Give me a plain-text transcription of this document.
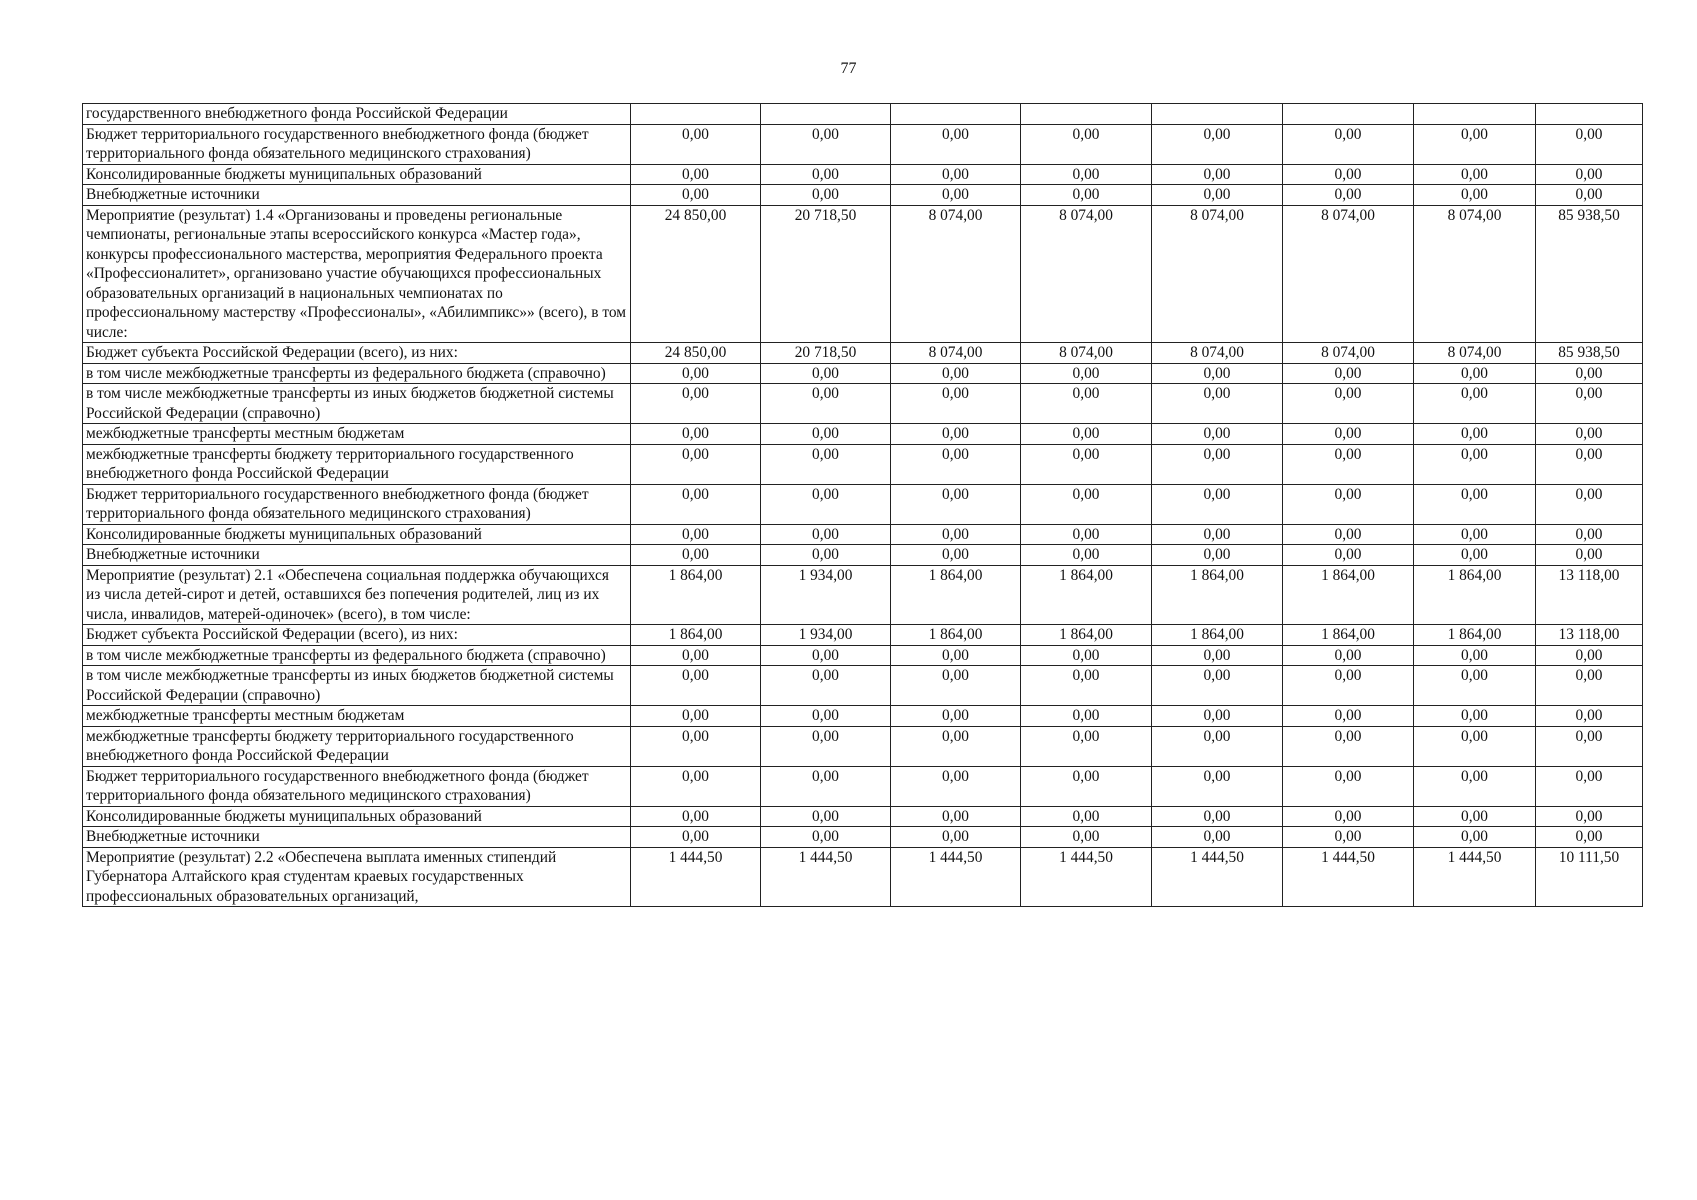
77
государственного внебюджетного фонда Российской Федерации								
Бюджет территориального государственного внебюджетного фонда (бюджет территориального фонда обязательного медицинского страхования)	0,00	0,00	0,00	0,00	0,00	0,00	0,00	0,00
Консолидированные бюджеты муниципальных образований	0,00	0,00	0,00	0,00	0,00	0,00	0,00	0,00
Внебюджетные источники	0,00	0,00	0,00	0,00	0,00	0,00	0,00	0,00
Мероприятие (результат) 1.4 «Организованы и проведены региональные чемпионаты, региональные этапы всероссийского конкурса «Мастер года», конкурсы профессионального мастерства, мероприятия Федерального проекта «Профессионалитет», организовано участие обучающихся профессиональных образовательных организаций в национальных чемпионатах по профессиональному мастерству «Профессионалы», «Абилимпикс»» (всего), в том числе:	24 850,00	20 718,50	8 074,00	8 074,00	8 074,00	8 074,00	8 074,00	85 938,50
Бюджет субъекта Российской Федерации (всего), из них:	24 850,00	20 718,50	8 074,00	8 074,00	8 074,00	8 074,00	8 074,00	85 938,50
в том числе межбюджетные трансферты из федерального бюджета (справочно)	0,00	0,00	0,00	0,00	0,00	0,00	0,00	0,00
в том числе межбюджетные трансферты из иных бюджетов бюджетной системы Российской Федерации (справочно)	0,00	0,00	0,00	0,00	0,00	0,00	0,00	0,00
межбюджетные трансферты местным бюджетам	0,00	0,00	0,00	0,00	0,00	0,00	0,00	0,00
межбюджетные трансферты бюджету территориального государственного внебюджетного фонда Российской Федерации	0,00	0,00	0,00	0,00	0,00	0,00	0,00	0,00
Бюджет территориального государственного внебюджетного фонда (бюджет территориального фонда обязательного медицинского страхования)	0,00	0,00	0,00	0,00	0,00	0,00	0,00	0,00
Консолидированные бюджеты муниципальных образований	0,00	0,00	0,00	0,00	0,00	0,00	0,00	0,00
Внебюджетные источники	0,00	0,00	0,00	0,00	0,00	0,00	0,00	0,00
Мероприятие (результат) 2.1 «Обеспечена социальная поддержка обучающихся из числа детей-сирот и детей, оставшихся без попечения родителей, лиц из их числа, инвалидов, матерей-одиночек» (всего), в том числе:	1 864,00	1 934,00	1 864,00	1 864,00	1 864,00	1 864,00	1 864,00	13 118,00
Бюджет субъекта Российской Федерации (всего), из них:	1 864,00	1 934,00	1 864,00	1 864,00	1 864,00	1 864,00	1 864,00	13 118,00
в том числе межбюджетные трансферты из федерального бюджета (справочно)	0,00	0,00	0,00	0,00	0,00	0,00	0,00	0,00
в том числе межбюджетные трансферты из иных бюджетов бюджетной системы Российской Федерации (справочно)	0,00	0,00	0,00	0,00	0,00	0,00	0,00	0,00
межбюджетные трансферты местным бюджетам	0,00	0,00	0,00	0,00	0,00	0,00	0,00	0,00
межбюджетные трансферты бюджету территориального государственного внебюджетного фонда Российской Федерации	0,00	0,00	0,00	0,00	0,00	0,00	0,00	0,00
Бюджет территориального государственного внебюджетного фонда (бюджет территориального фонда обязательного медицинского страхования)	0,00	0,00	0,00	0,00	0,00	0,00	0,00	0,00
Консолидированные бюджеты муниципальных образований	0,00	0,00	0,00	0,00	0,00	0,00	0,00	0,00
Внебюджетные источники	0,00	0,00	0,00	0,00	0,00	0,00	0,00	0,00
Мероприятие (результат) 2.2 «Обеспечена выплата именных стипендий Губернатора Алтайского края студентам краевых государственных профессиональных образовательных организаций,	1 444,50	1 444,50	1 444,50	1 444,50	1 444,50	1 444,50	1 444,50	10 111,50
